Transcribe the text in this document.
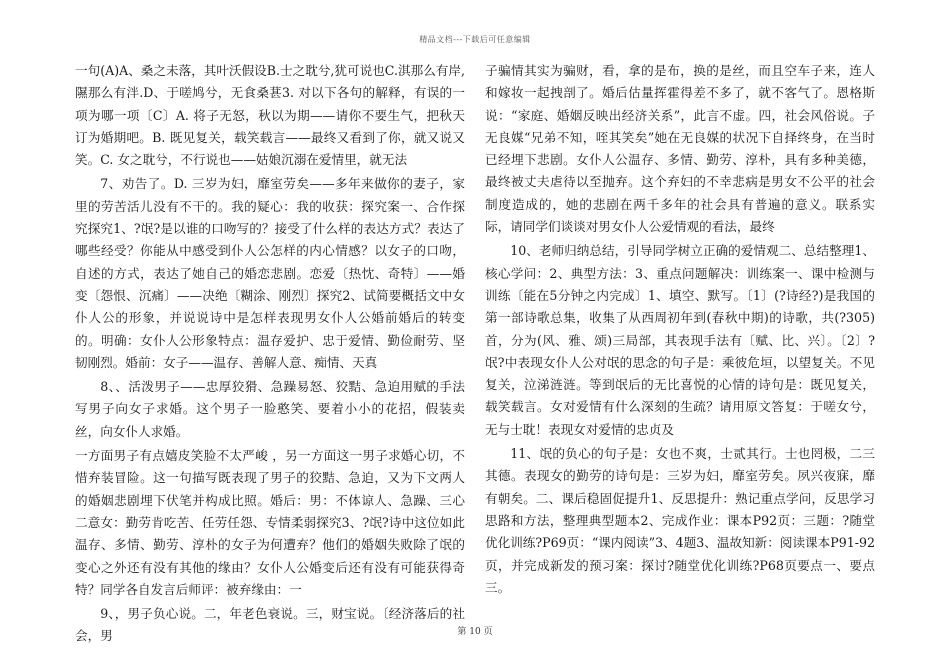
精品文档---下载后可任意编辑

一句(A)A、桑之未落，其叶沃假设B.士之耽兮,犹可说也C.淇那么有岸,隰那么有泮.D、于嗟鸠兮，无食桑葚3. 对以下各句的解释，有误的一项为哪一项〔C〕A. 将子无怒，秋以为期——请你不要生气，把秋天订为婚期吧。B. 既见复关，载笑载言——最终又看到了你，就又说又笑。C. 女之耽兮，不行说也——姑娘沉溺在爱情里，就无法

7、劝告了。D. 三岁为妇，靡室劳矣——多年来做你的妻子，家里的劳苦活儿没有不干的。我的疑心：我的收获：探究案一、合作探究探究1、?氓?是以谁的口吻写的？接受了什么样的表达方式？表达了哪些经受？你能从中感受到仆人公怎样的内心情感？以女子的口吻，自述的方式，表达了她自己的婚恋悲剧。恋爱〔热忱、奇特〕——婚变〔怨恨、沉痛〕——决绝〔糊涂、刚烈〕探究2、试简要概括文中女仆人公的形象，并说说诗中是怎样表现男女仆人公婚前婚后的转变的。明确：女仆人公形象特点：温存爱护、忠于爱情、勤俭耐劳、坚韧刚烈。婚前：女子——温存、善解人意、痴情、天真

8、、活泼男子——忠厚狡猾、急躁易怒、狡黠、急迫用赋的手法写男子向女子求婚。这个男子一脸憨笑、要着小小的花招，假装卖丝，向女仆人求婚。

一方面男子有点嬉皮笑脸不太严峻 ，另一方面这一男子求婚心切，不惜弃装冒险。这一句描写既表现了男子的狡黠、急迫，又为下文两人的婚姻悲剧埋下伏笔并构成比照。婚后：男：不体谅人、急躁、三心二意女：勤劳肯吃苦、任劳任怨、专情柔弱探究3、?氓?诗中这位如此温存、多情、勤劳、淳朴的女子为何遭弃？他们的婚姻失败除了氓的变心之外还有没有其他的缘由？女仆人公婚变后还有没有可能获得奇特？同学各自发言后师评：被弃缘由：一

9、，男子负心说。二，年老色衰说。三，财宝说。〔经济落后的社会，男

子骗情其实为骗财，看，拿的是布，换的是丝，而且空车子来，连人和嫁妆一起拽剖了。婚后估量挥霍得差不多了，就不客气了。恩格斯说：“家庭、婚姻反映出经济关系”，此言不虚。四，社会风俗说。子无良媒“兄弟不知，咥其笑矣”她在无良媒的状况下自择终身，在当时已经埋下悲剧。女仆人公温存、多情、勤劳、淳朴，具有多种美德，最终被丈夫虐待以至抛弃。这个弃妇的不幸悲病是男女不公平的社会制度造成的，她的悲剧在两千多年的社会具有普遍的意义。联系实际，请同学们谈谈对男女仆人公爱情观的看法，最终

10、老师归纳总结，引导同学树立正确的爱情观二、总结整理1、核心学问：2、典型方法：3、重点问题解决：训练案一、课中检测与训练〔能在5分钟之内完成〕1、填空、默写。〔1〕(?诗经?)是我国的第一部诗歌总集，收集了从西周初年到(春秋中期)的诗歌，共(?305)首，分为(风、雅、颂)三局部，其表现手法有〔赋、比、兴〕。〔2〕?氓?中表现女仆人公对氓的思念的句子是：乘彼危垣，以望复关。不见复关，泣涕涟涟。等到氓后的无比喜悦的心情的诗句是：既见复关，载笑载言。女对爱情有什么深刻的生疏？请用原文答复：于嗟女兮，无与士耽！表现女对爱情的忠贞及

11、氓的负心的句子是：女也不爽，士贰其行。士也罔极，二三其德。表现女的勤劳的诗句是：三岁为妇，靡室劳矣。夙兴夜寐，靡有朝矣。二、课后稳固促提升1、反思提升：熟记重点学问，反思学习思路和方法，整理典型题本2、完成作业：课本P92页：三题：?随堂优化训练?P69页：“课内阅读”3、4题3、温故知新：阅读课本P91-92页，并完成新发的预习案：探讨?随堂优化训练?P68页要点一、要点三。

第 10 页
